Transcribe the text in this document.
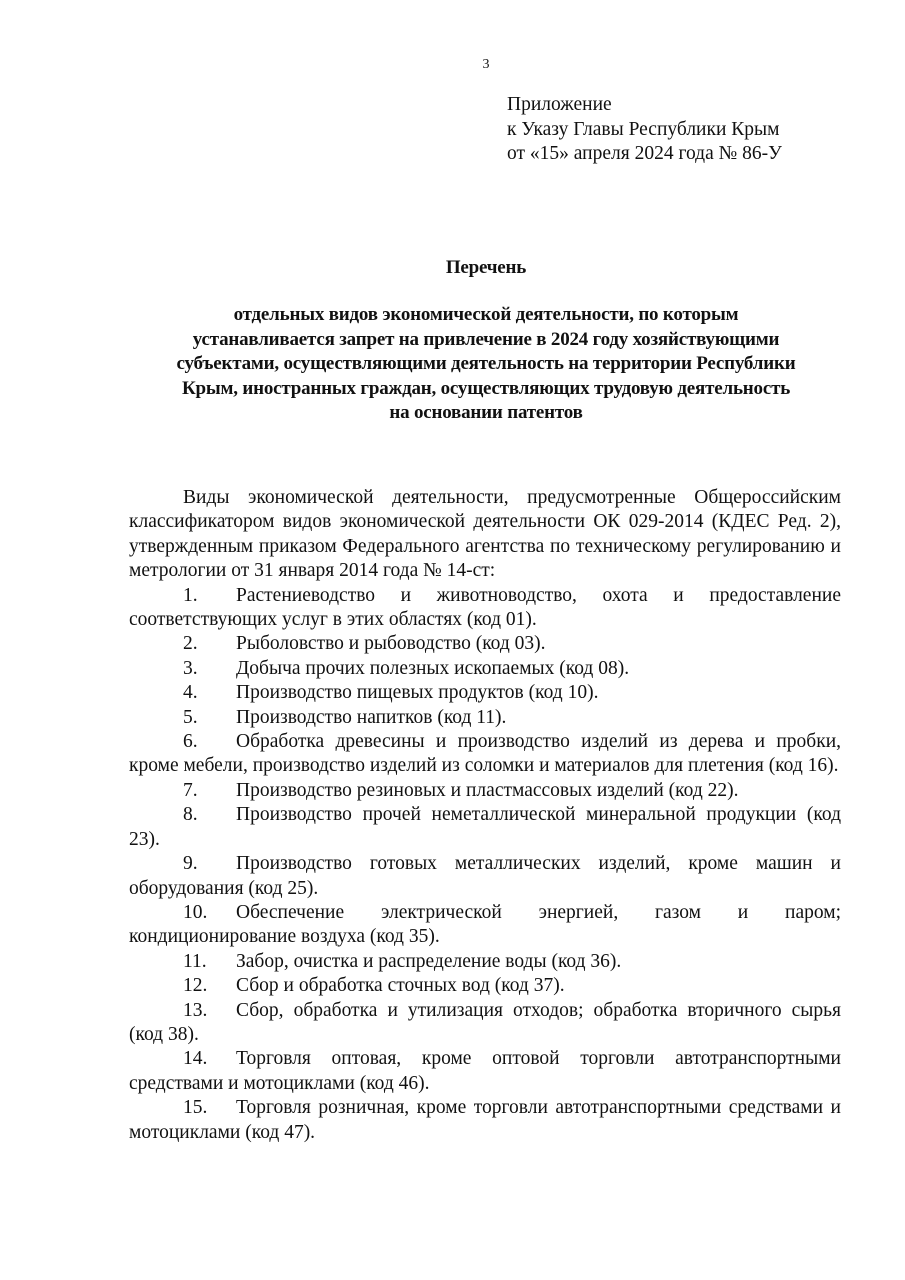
3
Приложение
к Указу Главы Республики Крым
от «15» апреля 2024 года № 86-У
Перечень
отдельных видов экономической деятельности, по которым
устанавливается запрет на привлечение в 2024 году хозяйствующими
субъектами, осуществляющими деятельность на территории Республики
Крым, иностранных граждан, осуществляющих трудовую деятельность
на основании патентов

Виды экономической деятельности, предусмотренные Общероссийским классификатором видов экономической деятельности ОК 029-2014 (КДЕС Ред. 2), утвержденным приказом Федерального агентства по техническому регулированию и метрологии от 31 января 2014 года № 14-ст:

1. Растениеводство и животноводство, охота и предоставление соответствующих услуг в этих областях (код 01).

2. Рыболовство и рыбоводство (код 03).

3. Добыча прочих полезных ископаемых (код 08).

4. Производство пищевых продуктов (код 10).

5. Производство напитков (код 11).

6. Обработка древесины и производство изделий из дерева и пробки, кроме мебели, производство изделий из соломки и материалов для плетения (код 16).

7. Производство резиновых и пластмассовых изделий (код 22).

8. Производство прочей неметаллической минеральной продукции (код 23).

9. Производство готовых металлических изделий, кроме машин и оборудования (код 25).

10. Обеспечение электрической энергией, газом и паром; кондиционирование воздуха (код 35).

11. Забор, очистка и распределение воды (код 36).

12. Сбор и обработка сточных вод (код 37).

13. Сбор, обработка и утилизация отходов; обработка вторичного сырья (код 38).

14. Торговля оптовая, кроме оптовой торговли автотранспортными средствами и мотоциклами (код 46).

15. Торговля розничная, кроме торговли автотранспортными средствами и мотоциклами (код 47).
